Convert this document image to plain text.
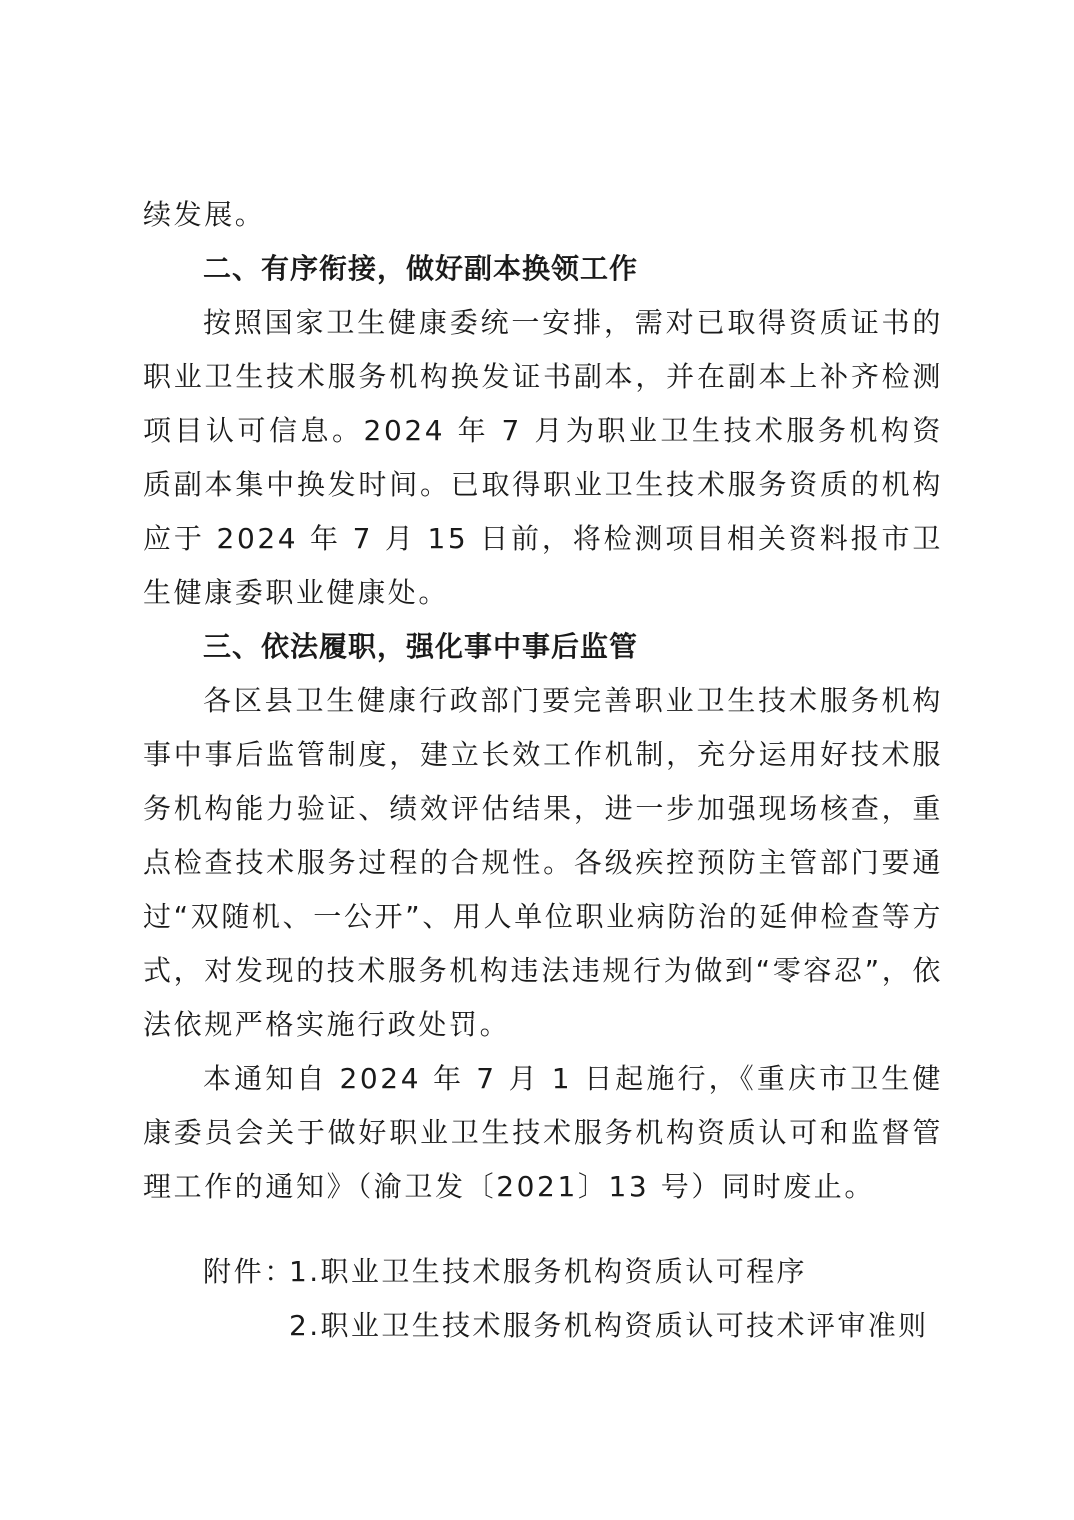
续发展。

二、有序衔接，做好副本换领工作

按照国家卫生健康委统一安排，需对已取得资质证书的职业卫生技术服务机构换发证书副本，并在副本上补齐检测项目认可信息。2024 年 7 月为职业卫生技术服务机构资质副本集中换发时间。已取得职业卫生技术服务资质的机构应于 2024 年 7 月 15 日前，将检测项目相关资料报市卫生健康委职业健康处。

三、依法履职，强化事中事后监管

各区县卫生健康行政部门要完善职业卫生技术服务机构事中事后监管制度，建立长效工作机制，充分运用好技术服务机构能力验证、绩效评估结果，进一步加强现场核查，重点检查技术服务过程的合规性。各级疾控预防主管部门要通过“双随机、一公开”、用人单位职业病防治的延伸检查等方式，对发现的技术服务机构违法违规行为做到“零容忍”，依法依规严格实施行政处罚。

本通知自 2024 年 7 月 1 日起施行，《重庆市卫生健康委员会关于做好职业卫生技术服务机构资质认可和监督管理工作的通知》（渝卫发〔2021〕13 号）同时废止。

附件：
1.职业卫生技术服务机构资质认可程序
2.职业卫生技术服务机构资质认可技术评审准则
